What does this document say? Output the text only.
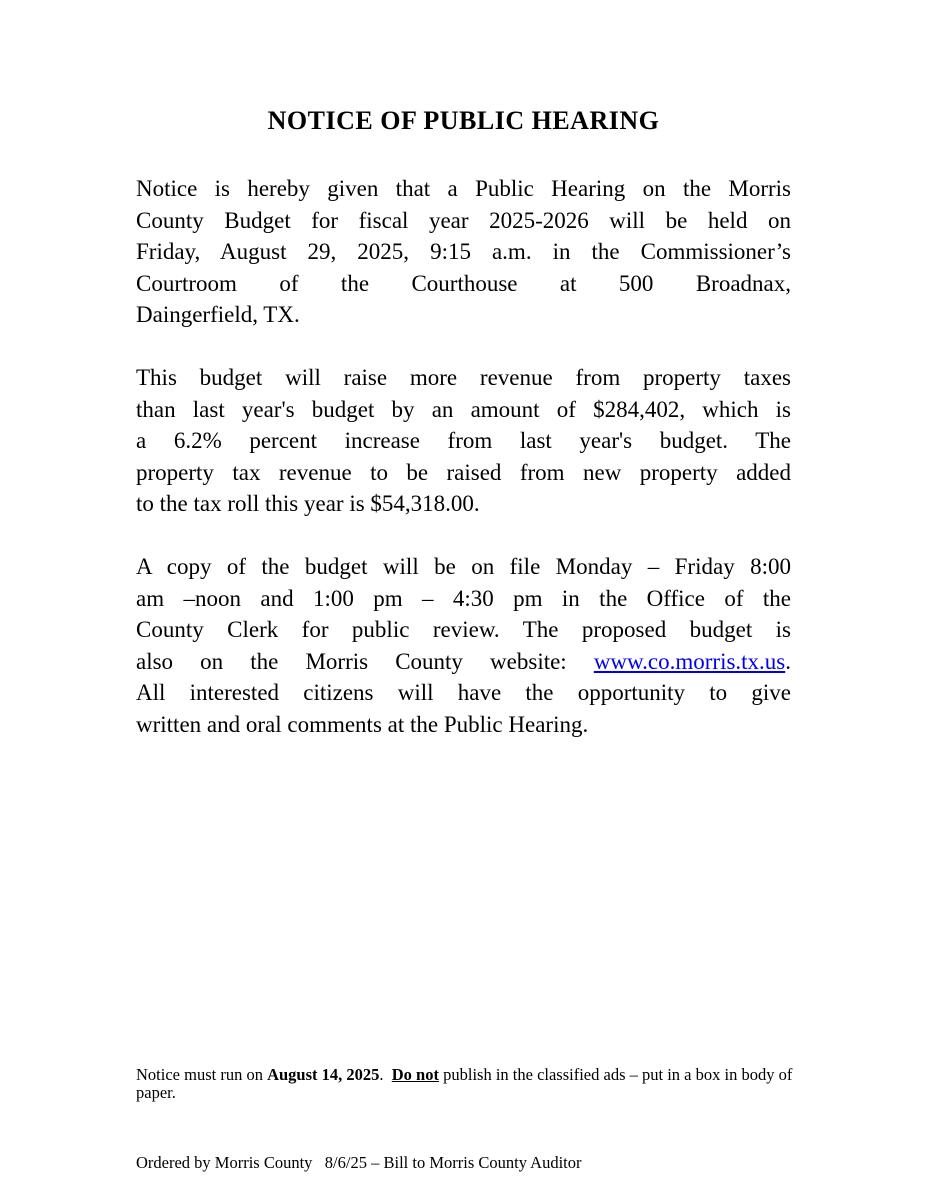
NOTICE OF PUBLIC HEARING
Notice is hereby given that a Public Hearing on the Morris
County Budget for fiscal year 2025-2026 will be held on
Friday, August 29, 2025, 9:15 a.m. in the Commissioner’s
Courtroom of the Courthouse at 500 Broadnax,
Daingerfield, TX.
This budget will raise more revenue from property taxes
than last year's budget by an amount of $284,402, which is
a 6.2% percent increase from last year's budget. The
property tax revenue to be raised from new property added
to the tax roll this year is $54,318.00.
A copy of the budget will be on file Monday – Friday 8:00
am –noon and 1:00 pm – 4:30 pm in the Office of the
County Clerk for public review. The proposed budget is
also on the Morris County website: www.co.morris.tx.us.
All interested citizens will have the opportunity to give
written and oral comments at the Public Hearing.

Notice must run on August 14, 2025.  Do not publish in the classified ads – put in a box in body of paper.

Ordered by Morris County   8/6/25 – Bill to Morris County Auditor
